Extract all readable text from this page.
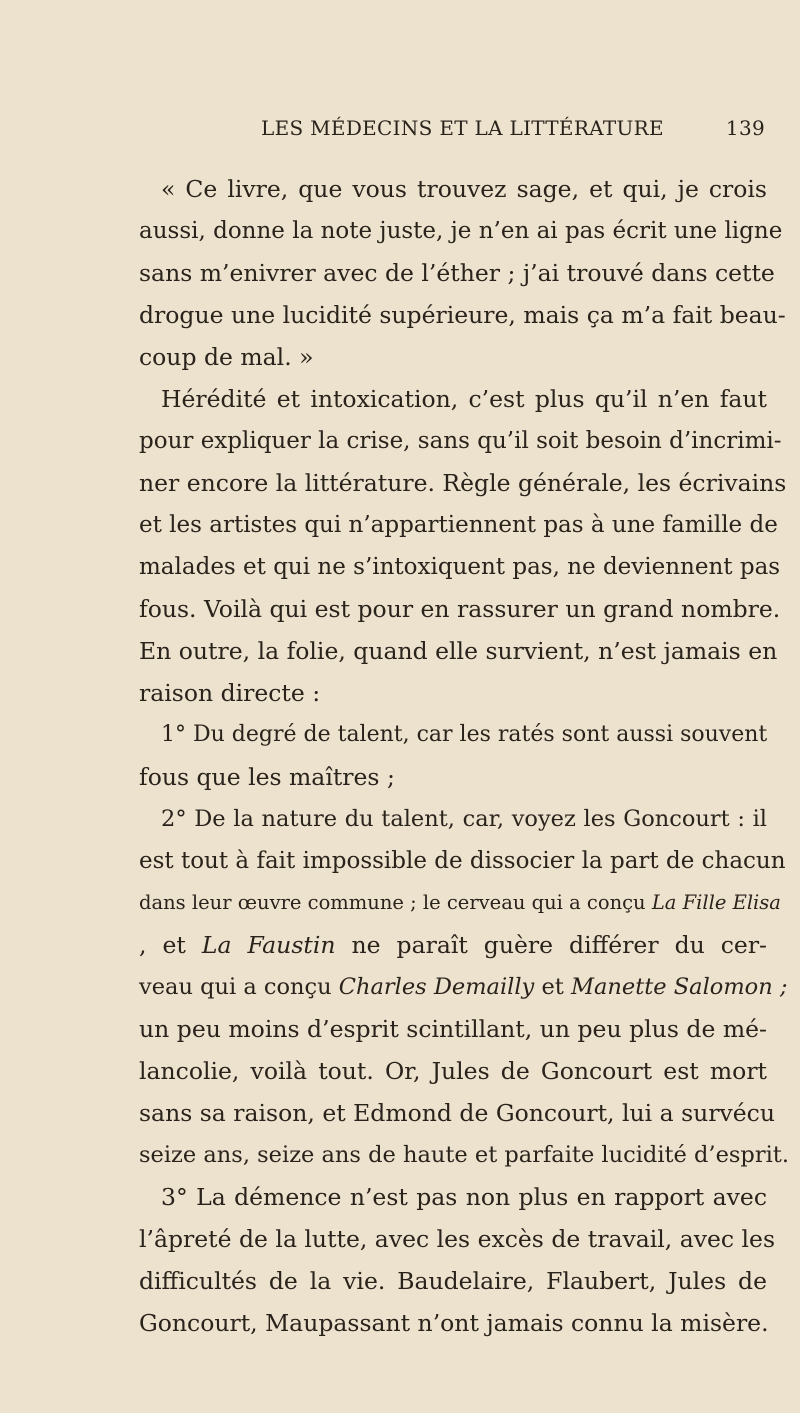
LES MÉDECINS ET LA LITTÉRATURE	139
« Ce livre, que vous trouvez sage, et qui, je crois
aussi, donne la note juste, je n’en ai pas écrit une ligne
sans m’enivrer avec de l’éther ; j’ai trouvé dans cette
drogue une lucidité supérieure, mais ça m’a fait beau-
coup de mal. »
Hérédité et intoxication, c’est plus qu’il n’en faut
pour expliquer la crise, sans qu’il soit besoin d’incrimi-
ner encore la littérature. Règle générale, les écrivains
et les artistes qui n’appartiennent pas à une famille de
malades et qui ne s’intoxiquent pas, ne deviennent pas
fous. Voilà qui est pour en rassurer un grand nombre.
En outre, la folie, quand elle survient, n’est jamais en
raison directe :
1° Du degré de talent, car les ratés sont aussi souvent
fous que les maîtres ;
2° De la nature du talent, car, voyez les Goncourt : il
est tout à fait impossible de dissocier la part de chacun
dans leur œuvre commune ; le cerveau qui a conçu La Fille Elisa
, et La Faustin ne paraît guère différer du cer-
veau qui a conçu Charles Demailly et Manette Salomon ;
un peu moins d’esprit scintillant, un peu plus de mé-
lancolie, voilà tout. Or, Jules de Goncourt est mort
sans sa raison, et Edmond de Goncourt, lui a survécu
seize ans, seize ans de haute et parfaite lucidité d’esprit.
3° La démence n’est pas non plus en rapport avec
l’âpreté de la lutte, avec les excès de travail, avec les
difficultés de la vie. Baudelaire, Flaubert, Jules de
Goncourt, Maupassant n’ont jamais connu la misère.
